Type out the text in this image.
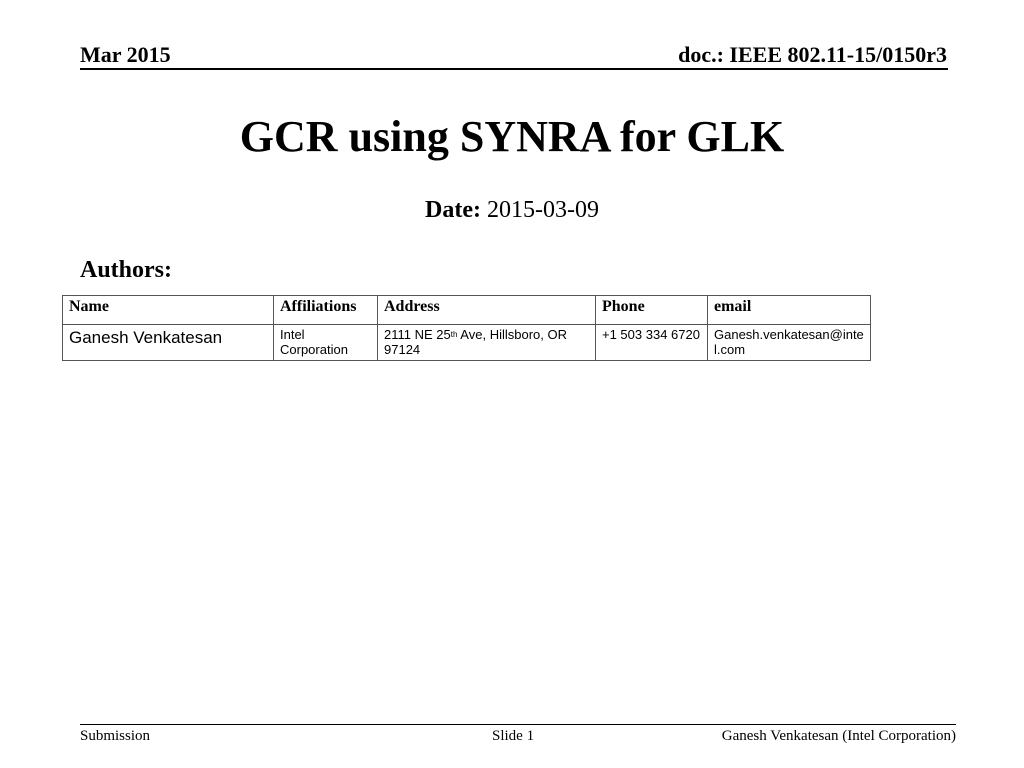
Mar 2015	doc.: IEEE 802.11-15/0150r3
GCR using SYNRA for GLK
Date: 2015-03-09
Authors:
Name	Affiliations	Address	Phone	email
Ganesh Venkatesan	Intel Corporation	2111 NE 25th Ave, Hillsboro, OR 97124	+1 503 334 6720	Ganesh.venkatesan@intel.com
Submission	Slide 1	Ganesh Venkatesan (Intel Corporation)
